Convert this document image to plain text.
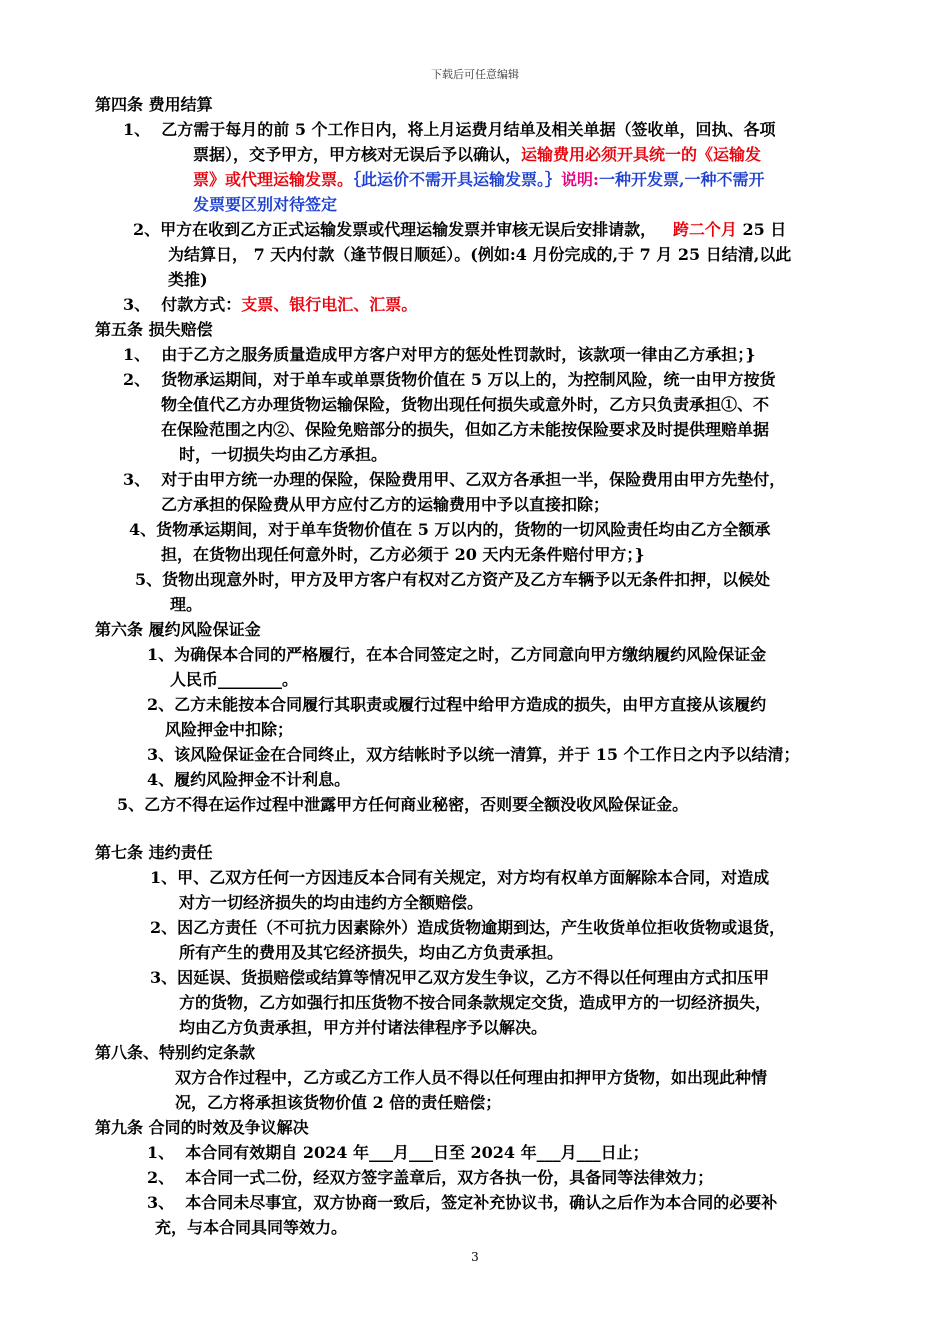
下载后可任意编辑

第四条 费用结算

1、 乙方需于每月的前 5 个工作日内，将上月运费月结单及相关单据（签收单，回执、各项

票据），交予甲方，甲方核对无误后予以确认，运输费用必须开具统一的《运输发

票》或代理运输发票。｛此运价不需开具运输发票。｝说明:一种开发票,一种不需开

发票要区别对待签定

2、甲方在收到乙方正式运输发票或代理运输发票并审核无误后安排请款， 跨二个月 25 日

为结算日， 7 天内付款（逢节假日顺延）。(例如:4 月份完成的,于 7 月 25 日结清,以此

类推)

3、 付款方式：支票、银行电汇、汇票。

第五条 损失赔偿

1、 由于乙方之服务质量造成甲方客户对甲方的惩处性罚款时，该款项一律由乙方承担；}

2、 货物承运期间，对于单车或单票货物价值在 5 万以上的，为控制风险，统一由甲方按货

物全值代乙方办理货物运输保险，货物出现任何损失或意外时，乙方只负责承担①、不

在保险范围之内②、保险免赔部分的损失，但如乙方未能按保险要求及时提供理赔单据

时，一切损失均由乙方承担。

3、 对于由甲方统一办理的保险，保险费用甲、乙双方各承担一半，保险费用由甲方先垫付，

乙方承担的保险费从甲方应付乙方的运输费用中予以直接扣除；

4、货物承运期间，对于单车货物价值在 5 万以内的，货物的一切风险责任均由乙方全额承

担，在货物出现任何意外时，乙方必须于 20 天内无条件赔付甲方；}

5、货物出现意外时，甲方及甲方客户有权对乙方资产及乙方车辆予以无条件扣押，以候处

理。

第六条 履约风险保证金

1、为确保本合同的严格履行，在本合同签定之时，乙方同意向甲方缴纳履约风险保证金

人民币________。

2、乙方未能按本合同履行其职责或履行过程中给甲方造成的损失，由甲方直接从该履约

风险押金中扣除；

3、该风险保证金在合同终止，双方结帐时予以统一清算，并于 15 个工作日之内予以结清；

4、履约风险押金不计利息。

5、乙方不得在运作过程中泄露甲方任何商业秘密，否则要全额没收风险保证金。

第七条 违约责任

1、甲、乙双方任何一方因违反本合同有关规定，对方均有权单方面解除本合同，对造成

对方一切经济损失的均由违约方全额赔偿。

2、因乙方责任（不可抗力因素除外）造成货物逾期到达，产生收货单位拒收货物或退货，

所有产生的费用及其它经济损失，均由乙方负责承担。

3、因延误、货损赔偿或结算等情况甲乙双方发生争议，乙方不得以任何理由方式扣压甲

方的货物，乙方如强行扣压货物不按合同条款规定交货，造成甲方的一切经济损失，

均由乙方负责承担，甲方并付诸法律程序予以解决。

第八条、特别约定条款

双方合作过程中，乙方或乙方工作人员不得以任何理由扣押甲方货物，如出现此种情

况，乙方将承担该货物价值 2 倍的责任赔偿；

第九条 合同的时效及争议解决

1、 本合同有效期自 2024 年___月___日至 2024 年___月___日止；

2、 本合同一式二份，经双方签字盖章后，双方各执一份，具备同等法律效力；

3、 本合同未尽事宜，双方协商一致后，签定补充协议书，确认之后作为本合同的必要补

充，与本合同具同等效力。

3
